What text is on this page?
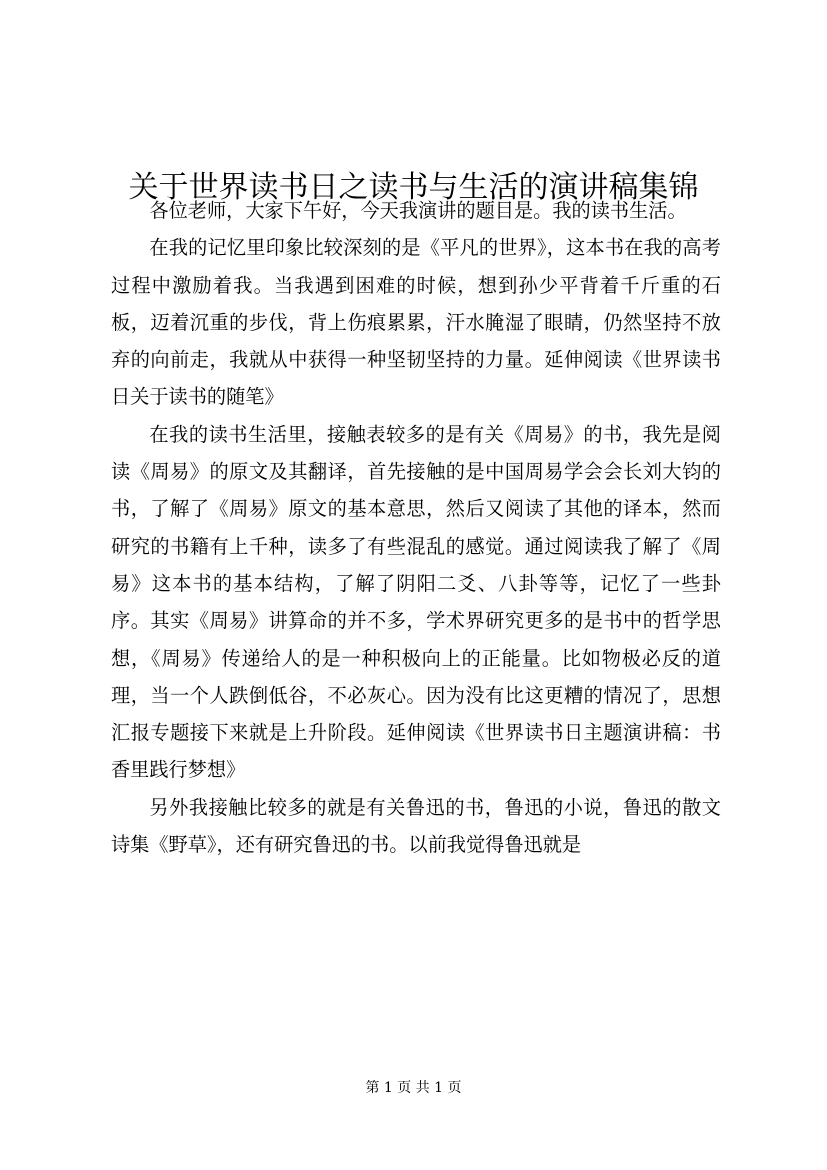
关于世界读书日之读书与生活的演讲稿集锦

各位老师，大家下午好，今天我演讲的题目是。我的读书生活。

在我的记忆里印象比较深刻的是《平凡的世界》，这本书在我的高考过程中激励着我。当我遇到困难的时候，想到孙少平背着千斤重的石板，迈着沉重的步伐，背上伤痕累累，汗水腌湿了眼睛，仍然坚持不放弃的向前走，我就从中获得一种坚韧坚持的力量。延伸阅读《世界读书日关于读书的随笔》

在我的读书生活里，接触表较多的是有关《周易》的书，我先是阅读《周易》的原文及其翻译，首先接触的是中国周易学会会长刘大钧的书，了解了《周易》原文的基本意思，然后又阅读了其他的译本，然而研究的书籍有上千种，读多了有些混乱的感觉。通过阅读我了解了《周易》这本书的基本结构，了解了阴阳二爻、八卦等等，记忆了一些卦序。其实《周易》讲算命的并不多，学术界研究更多的是书中的哲学思想，《周易》传递给人的是一种积极向上的正能量。比如物极必反的道理，当一个人跌倒低谷，不必灰心。因为没有比这更糟的情况了，思想汇报专题接下来就是上升阶段。延伸阅读《世界读书日主题演讲稿：书香里践行梦想》

另外我接触比较多的就是有关鲁迅的书，鲁迅的小说，鲁迅的散文诗集《野草》，还有研究鲁迅的书。以前我觉得鲁迅就是

第 1 页 共 1 页
